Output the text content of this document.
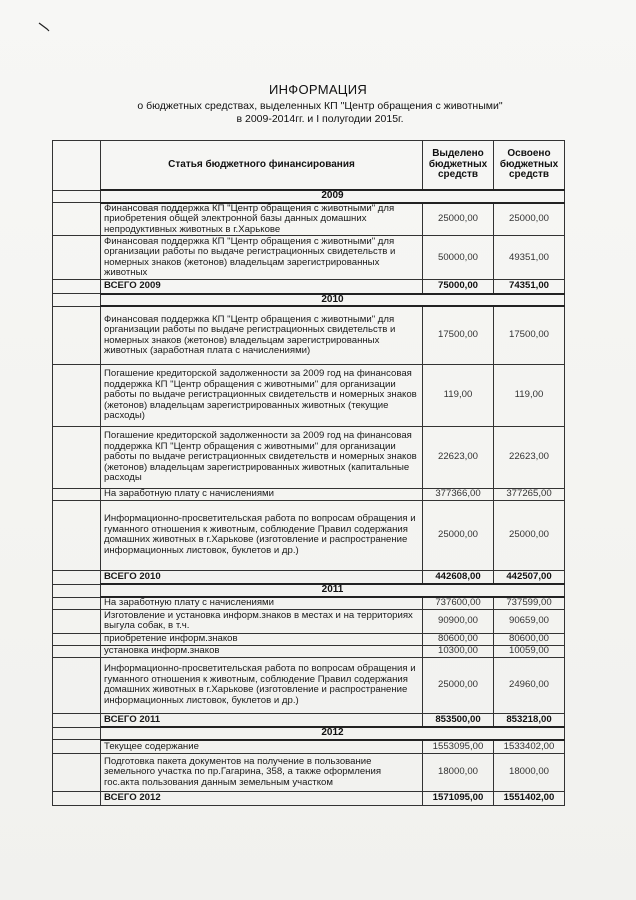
ИНФОРМАЦИЯ
о бюджетных средствах, выделенных КП "Центр обращения с животными"
в 2009-2014гг. и I полугодии 2015г.
	Статья бюджетного финансирования	Выделено бюджетных средств	Освоено бюджетных средств
	2009		
	Финансовая поддержка КП "Центр обращения с животными" для приобретения общей электронной базы данных домашних непродуктивных животных в г.Харькове	25000,00	25000,00
	Финансовая поддержка КП "Центр обращения с животными" для организации работы по выдаче регистрационных свидетельств и номерных знаков (жетонов) владельцам зарегистрированных животных	50000,00	49351,00
	ВСЕГО 2009	75000,00	74351,00
	2010		
	Финансовая поддержка КП "Центр обращения с животными" для организации работы по выдаче регистрационных свидетельств и номерных знаков (жетонов) владельцам зарегистрированных животных (заработная плата с начислениями)	17500,00	17500,00
	Погашение кредиторской задолженности за 2009 год на финансовая поддержка КП "Центр обращения с животными" для организации работы по выдаче регистрационных свидетельств и номерных знаков (жетонов) владельцам зарегистрированных животных (текущие расходы)	119,00	119,00
	Погашение кредиторской задолженности за 2009 год на финансовая поддержка КП "Центр обращения с животными" для организации работы по выдаче регистрационных свидетельств и номерных знаков (жетонов) владельцам зарегистрированных животных (капитальные расходы	22623,00	22623,00
	На заработную плату с начислениями	377366,00	377265,00
	Информационно-просветительская работа по вопросам обращения и гуманного отношения к животным, соблюдение Правил содержания домашних животных в г.Харькове (изготовление и распространение информационных листовок, буклетов и др.)	25000,00	25000,00
	ВСЕГО 2010	442608,00	442507,00
	2011		
	На заработную плату с начислениями	737600,00	737599,00
	Изготовление и установка информ.знаков в местах и на территориях выгула собак, в т.ч.	90900,00	90659,00
	приобретение информ.знаков	80600,00	80600,00
	установка информ.знаков	10300,00	10059,00
	Информационно-просветительская работа по вопросам обращения и гуманного отношения к животным, соблюдение Правил содержания домашних животных в г.Харькове (изготовление и распространение информационных листовок, буклетов и др.)	25000,00	24960,00
	ВСЕГО 2011	853500,00	853218,00
	2012		
	Текущее содержание	1553095,00	1533402,00
	Подготовка пакета документов на получение в пользование земельного участка по пр.Гагарина, 358, а также оформления гос.акта пользования данным земельным участком	18000,00	18000,00
	ВСЕГО 2012	1571095,00	1551402,00
